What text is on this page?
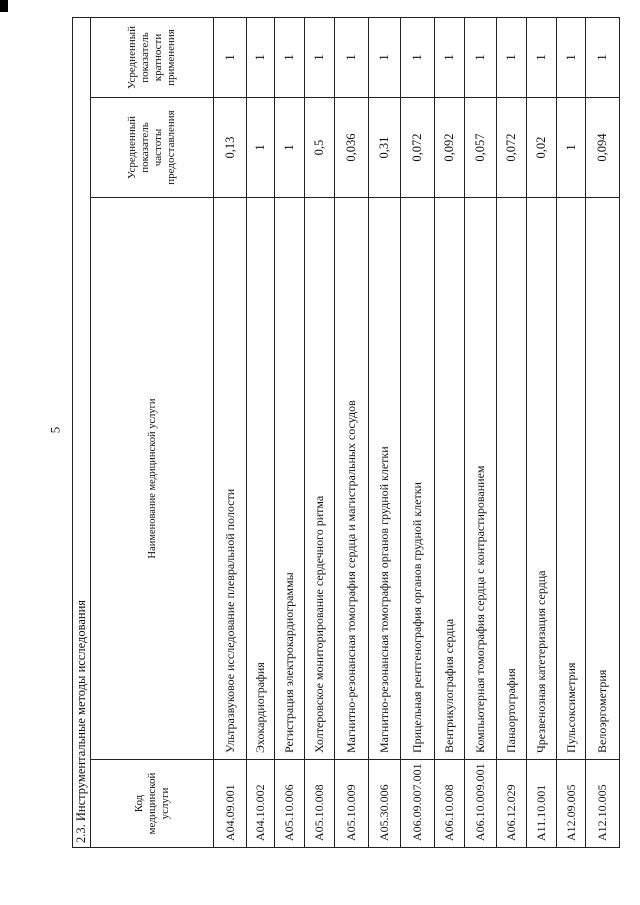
5
2.3. Инструментальные методы исследования			
Код медицинской услуги	Наименование медицинской услуги	Усредненный показатель частоты предоставления	Усредненный показатель кратности применения
A04.09.001	Ультразвуковое исследование плевральной полости	0,13	1
A04.10.002	Эхокардиография	1	1
A05.10.006	Регистрация электрокардиограммы	1	1
A05.10.008	Холтеровское мониторирование сердечного ритма	0,5	1
A05.10.009	Магнитно-резонансная томография сердца и магистральных сосудов	0,036	1
A05.30.006	Магнитно-резонансная томография органов грудной клетки	0,31	1
A06.09.007.001	Прицельная рентгенография органов грудной клетки	0,072	1
A06.10.008	Вентрикулография сердца	0,092	1
A06.10.009.001	Компьютерная томография сердца с контрастированием	0,057	1
A06.12.029	Панаортография	0,072	1
A11.10.001	Чрезвенозная катетеризация сердца	0,02	1
A12.09.005	Пульсоксиметрия	1	1
A12.10.005	Велоэргометрия	0,094	1
